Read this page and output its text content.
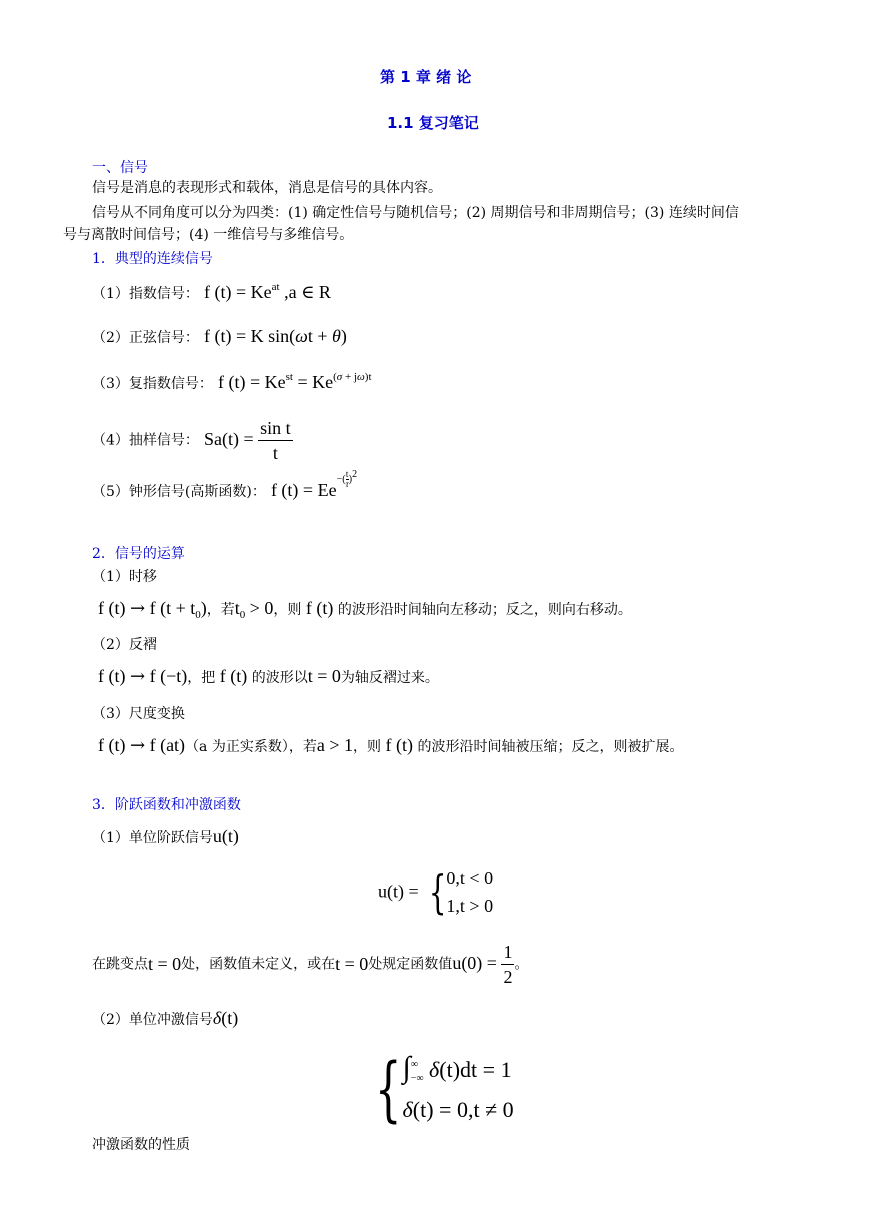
第 1 章 绪 论
1.1 复习笔记
一、信号
信号是消息的表现形式和载体，消息是信号的具体内容。
信号从不同角度可以分为四类：(1) 确定性信号与随机信号；(2) 周期信号和非周期信号；(3) 连续时间信
号与离散时间信号；(4) 一维信号与多维信号。
1．典型的连续信号
（1）指数信号： f $(t) = Ke^{at}$ ,a ∈ R
（2）正弦信号： f (t) = K sin(ωt + θ)
（3）复指数信号： f $(t) = Ke^{st} = Ke^{(\sigma + j\omega)t}$
（4）抽样信号： $Sa(t) = \frac{\text{sin t}}{t}$
（5）钟形信号(高斯函数)： f $(t) = Ee^{-( \frac{t}{\tau} )2}$
2．信号的运算
（1）时移
f (t) → f $(t + t_0)$，若$t_0 > 0$，则 f (t) 的波形沿时间轴向左移动；反之，则向右移动。
（2）反褶
f (t) → f (−t)，把 f (t) 的波形以t = 0为轴反褶过来。
（3）尺度变换
f (t) → f (at)（a 为正实系数），若a > 1，则 f (t) 的波形沿时间轴被压缩；反之，则被扩展。
3．阶跃函数和冲激函数
（1）单位阶跃信号u(t)
u(t) = {0,t < 0
1,t > 0
在跳变点t = 0处，函数值未定义，或在t = 0处规定函数值$u(0) = \frac{1}{2}$ 。
（2）单位冲激信号δ(t)
{ ∫ ∞
−∞ δ(t)dt = 1
δ(t) = 0,t ≠ 0
冲激函数的性质
